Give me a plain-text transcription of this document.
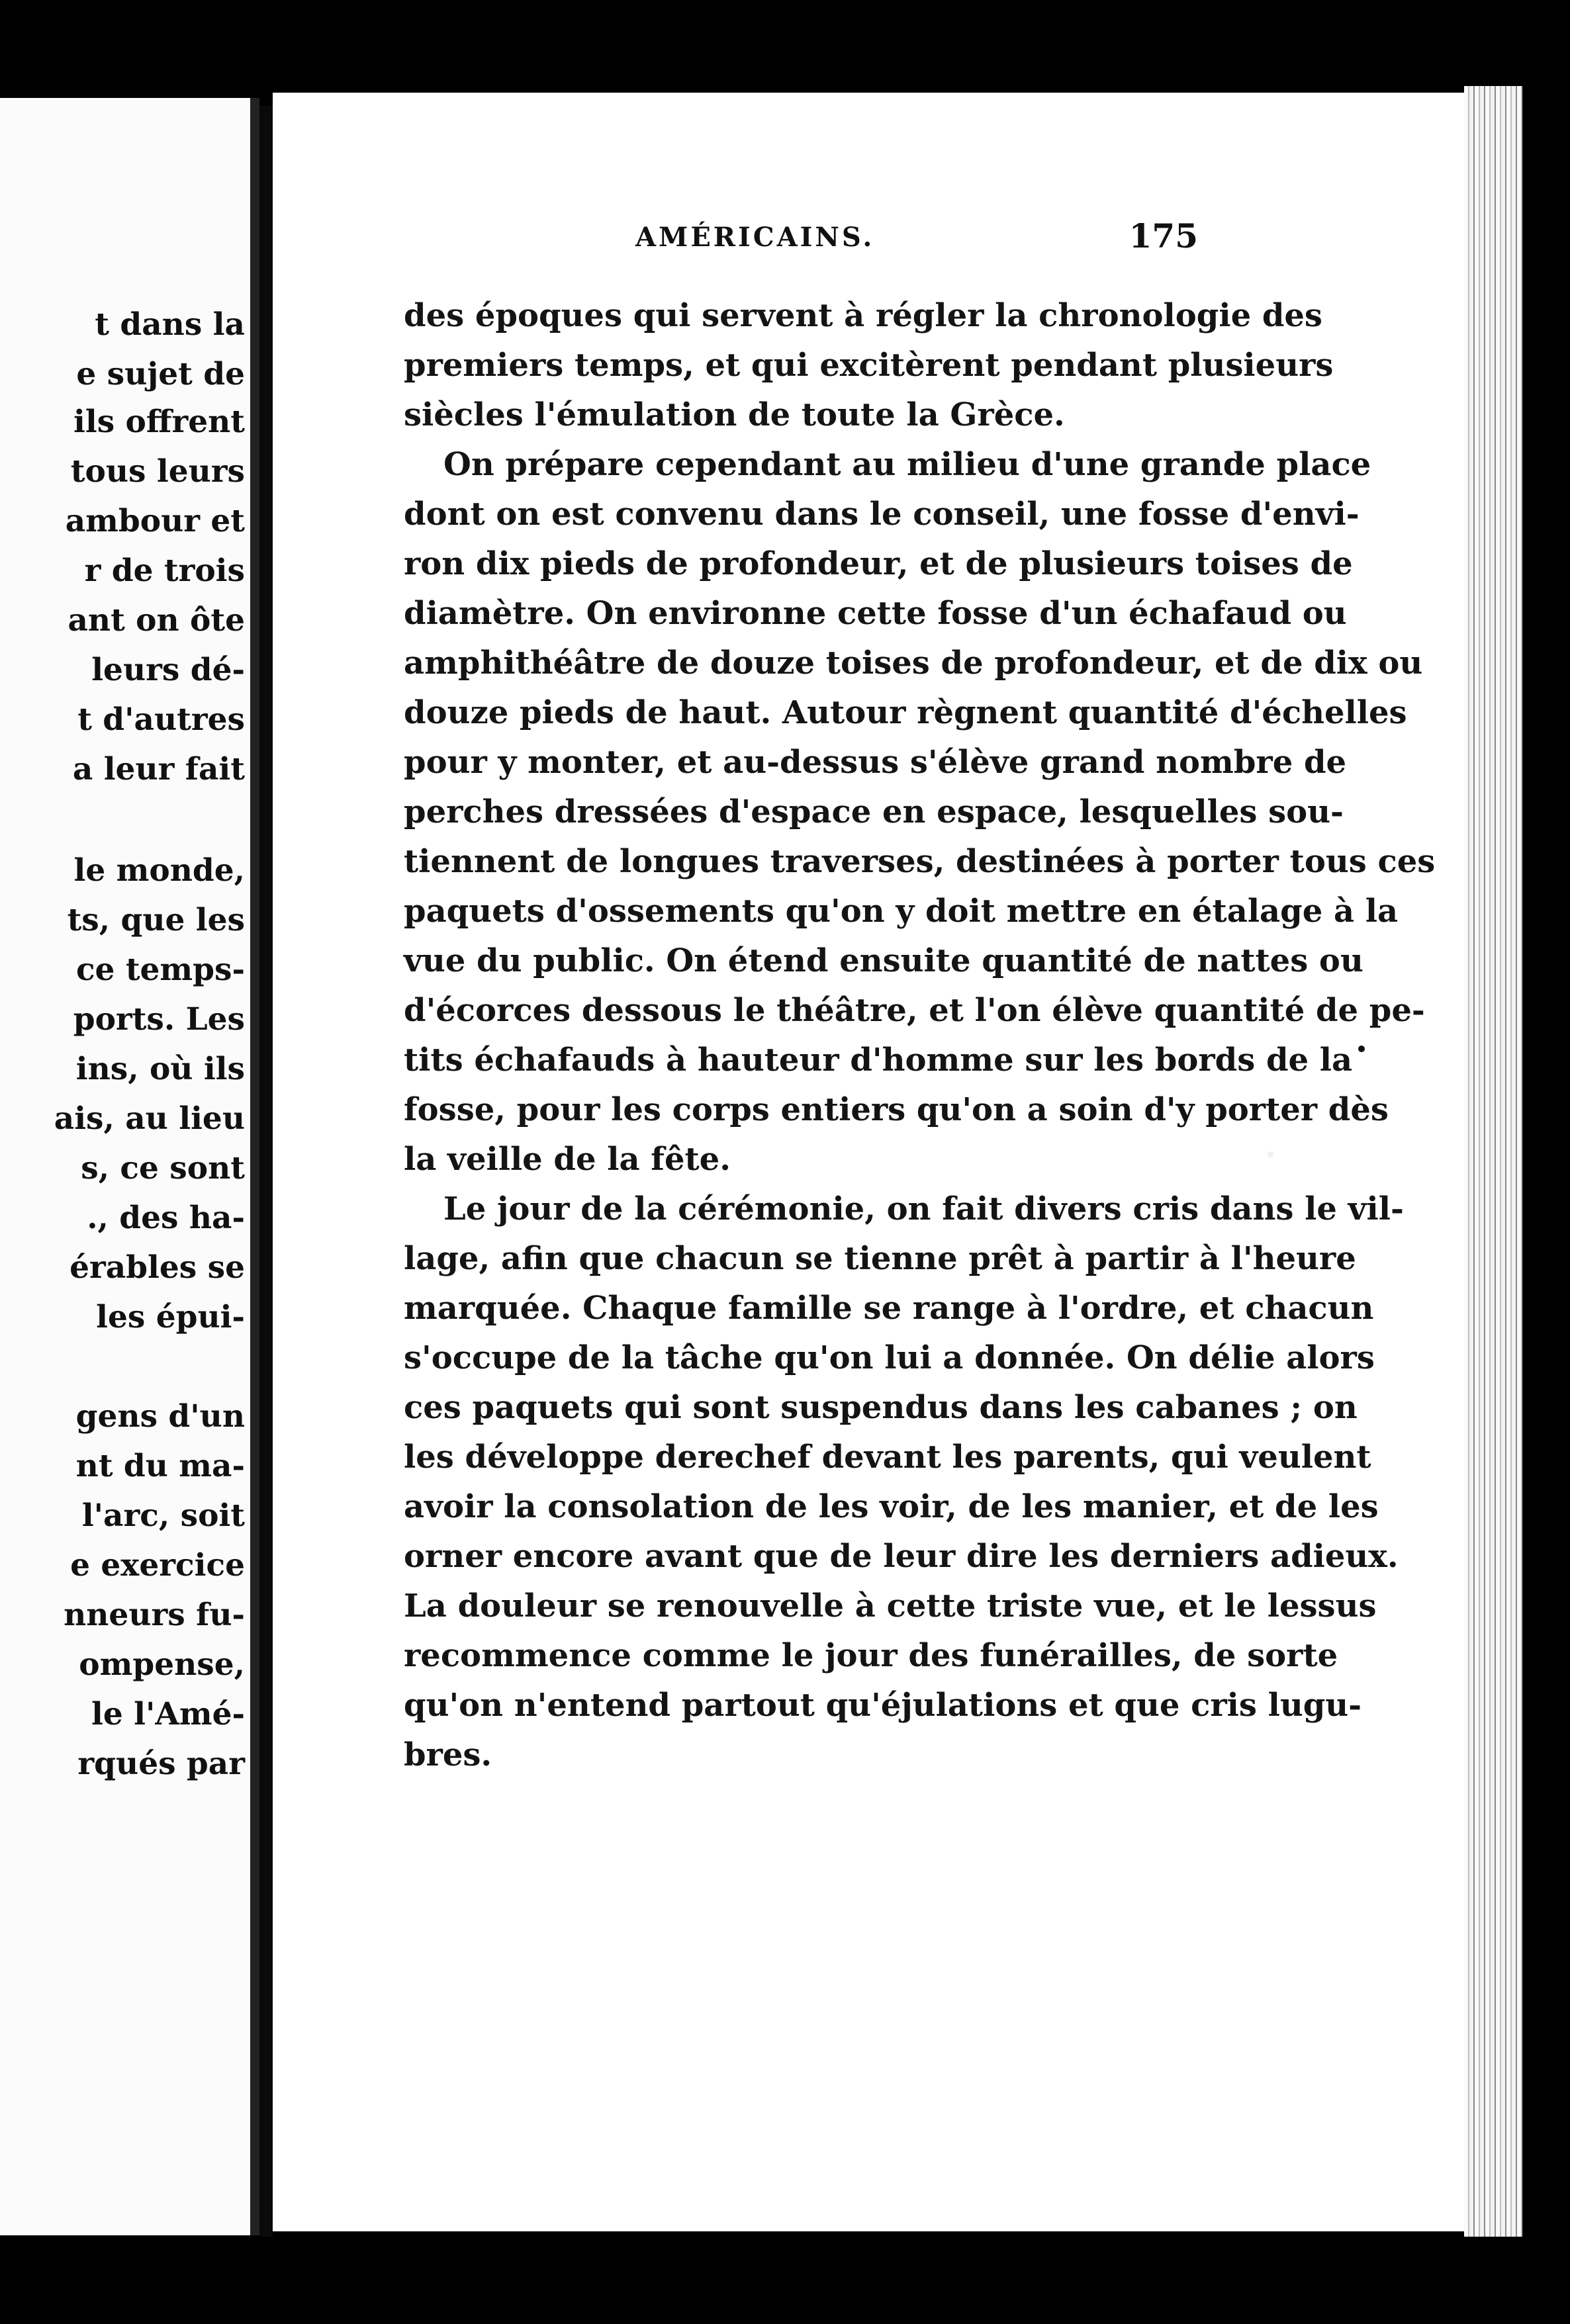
t dans la
e sujet de
ils offrent
tous leurs
ambour et
r de trois
ant on ôte
leurs dé-
t d'autres
a leur fait
le monde,
ts, que les
ce temps-
ports. Les
ins, où ils
ais, au lieu
s, ce sont
., des ha-
érables se
les épui-
gens d'un
nt du ma-
l'arc, soit
e exercice
nneurs fu-
ompense,
le l'Amé-
rqués par
AMÉRICAINS.	175
des époques qui servent à régler la chronologie des
premiers temps, et qui excitèrent pendant plusieurs
siècles l'émulation de toute la Grèce.
On prépare cependant au milieu d'une grande place
dont on est convenu dans le conseil, une fosse d'envi-
ron dix pieds de profondeur, et de plusieurs toises de
diamètre. On environne cette fosse d'un échafaud ou
amphithéâtre de douze toises de profondeur, et de dix ou
douze pieds de haut. Autour règnent quantité d'échelles
pour y monter, et au-dessus s'élève grand nombre de
perches dressées d'espace en espace, lesquelles sou-
tiennent de longues traverses, destinées à porter tous ces
paquets d'ossements qu'on y doit mettre en étalage à la
vue du public. On étend ensuite quantité de nattes ou
d'écorces dessous le théâtre, et l'on élève quantité de pe-
tits échafauds à hauteur d'homme sur les bords de la
fosse, pour les corps entiers qu'on a soin d'y porter dès
la veille de la fête.
Le jour de la cérémonie, on fait divers cris dans le vil-
lage, afin que chacun se tienne prêt à partir à l'heure
marquée. Chaque famille se range à l'ordre, et chacun
s'occupe de la tâche qu'on lui a donnée. On délie alors
ces paquets qui sont suspendus dans les cabanes ; on
les développe derechef devant les parents, qui veulent
avoir la consolation de les voir, de les manier, et de les
orner encore avant que de leur dire les derniers adieux.
La douleur se renouvelle à cette triste vue, et le lessus
recommence comme le jour des funérailles, de sorte
qu'on n'entend partout qu'éjulations et que cris lugu-
bres.
